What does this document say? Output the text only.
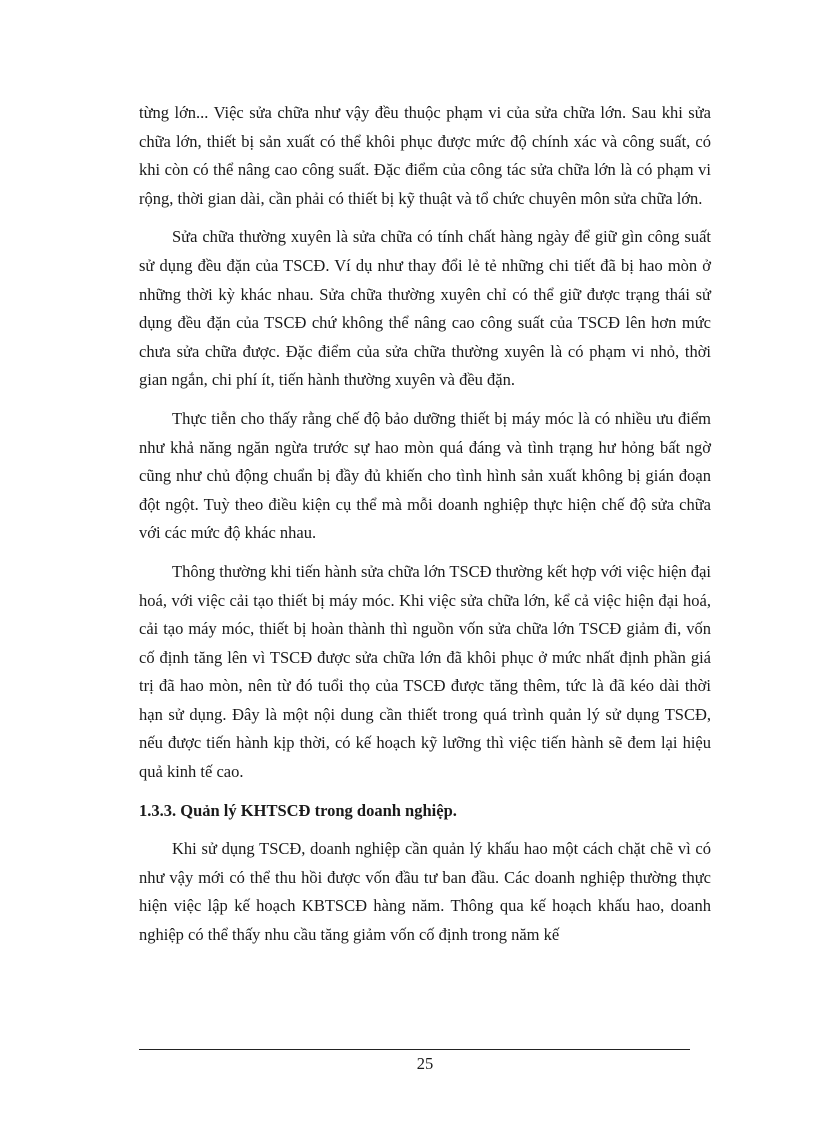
từng lớn... Việc sửa chữa như vậy đều thuộc phạm vi của sửa chữa lớn. Sau khi sửa chữa lớn, thiết bị sản xuất có thể khôi phục được mức độ chính xác và công suất, có khi còn có thể nâng cao công suất. Đặc điểm của công tác sửa chữa lớn là có phạm vi rộng, thời gian dài, cần phải có thiết bị kỹ thuật và tổ chức chuyên môn sửa chữa lớn.

Sửa chữa thường xuyên là sửa chữa có tính chất hàng ngày để giữ gìn công suất sử dụng đều đặn của TSCĐ. Ví dụ như thay đổi lẻ tẻ những chi tiết đã bị hao mòn ở những thời kỳ khác nhau. Sửa chữa thường xuyên chỉ có thể giữ được trạng thái sử dụng đều đặn của TSCĐ chứ không thể nâng cao công suất của TSCĐ lên hơn mức chưa sửa chữa được. Đặc điểm của sửa chữa thường xuyên là có phạm vi nhỏ, thời gian ngắn, chi phí ít, tiến hành thường xuyên và đều đặn.

Thực tiễn cho thấy rằng chế độ bảo dưỡng thiết bị máy móc là có nhiều ưu điểm như khả năng ngăn ngừa trước sự hao mòn quá đáng và tình trạng hư hỏng bất ngờ cũng như chủ động chuẩn bị đầy đủ khiến cho tình hình sản xuất không bị gián đoạn đột ngột. Tuỳ theo điều kiện cụ thể mà mỗi doanh nghiệp thực hiện chế độ sửa chữa với các mức độ khác nhau.

Thông thường khi tiến hành sửa chữa lớn TSCĐ thường kết hợp với việc hiện đại hoá, với việc cải tạo thiết bị máy móc. Khi việc sửa chữa lớn, kể cả việc hiện đại hoá, cải tạo máy móc, thiết bị hoàn thành thì nguồn vốn sửa chữa lớn TSCĐ giảm đi, vốn cố định tăng lên vì TSCĐ được sửa chữa lớn đã khôi phục ở mức nhất định phần giá trị đã hao mòn, nên từ đó tuổi thọ của TSCĐ được tăng thêm, tức là đã kéo dài thời hạn sử dụng. Đây là một nội dung cần thiết trong quá trình quản lý sử dụng TSCĐ, nếu được tiến hành kịp thời, có kế hoạch kỹ lưỡng thì việc tiến hành sẽ đem lại hiệu quả kinh tế cao.

1.3.3. Quản lý KHTSCĐ trong doanh nghiệp.

Khi sử dụng TSCĐ, doanh nghiệp cần quản lý khấu hao một cách chặt chẽ vì có như vậy mới có thể thu hồi được vốn đầu tư ban đầu. Các doanh nghiệp thường thực hiện việc lập kế hoạch KBTSCĐ hàng năm. Thông qua kế hoạch khấu hao, doanh nghiệp có thể thấy nhu cầu tăng giảm vốn cố định trong năm kế

25
